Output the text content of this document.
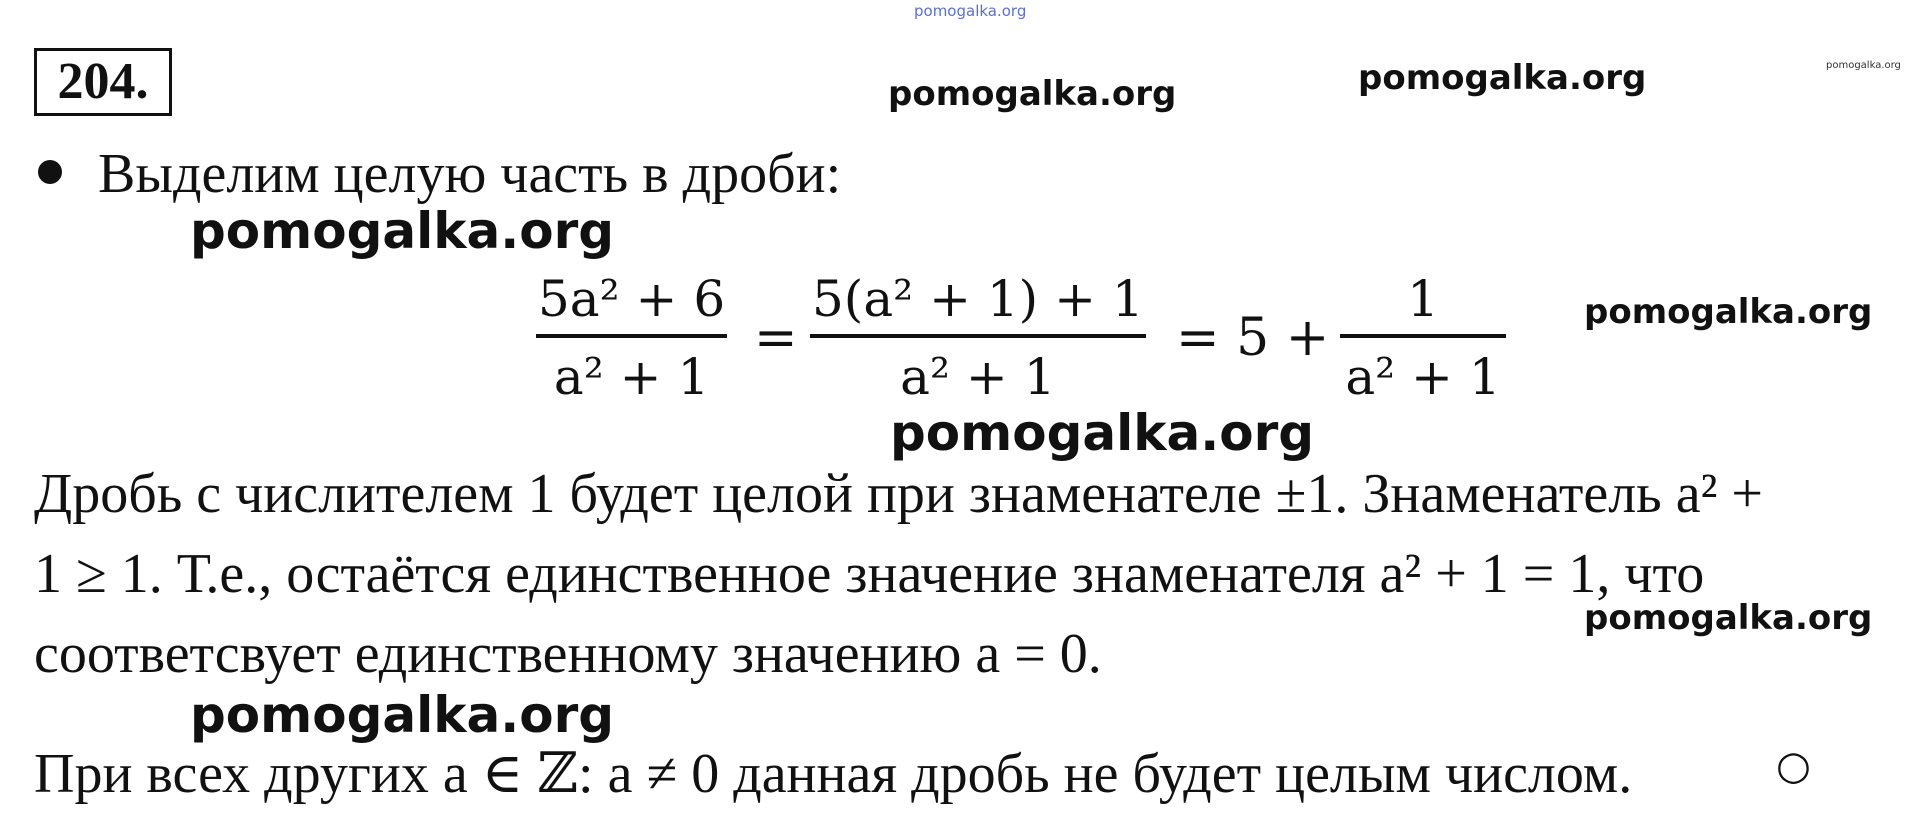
pomogalka.org
pomogalka.org
204.	pomogalka.org	pomogalka.org
Выделим целую часть в дроби:
pomogalka.org
5a² + 6
a² + 1
=
5(a² + 1) + 1
a² + 1
= 5 +
1
a² + 1
pomogalka.org
pomogalka.org
Дробь с числителем 1 будет целой при знаменателе ±1. Знаменатель a² +
1 ≥ 1. Т.е., остаётся единственное значение знаменателя a² + 1 = 1, что
pomogalka.org
соответсвует единственному значению a = 0.
pomogalka.org
При всех других a ∈ ℤ: a ≠ 0 данная дробь не будет целым числом.	○
